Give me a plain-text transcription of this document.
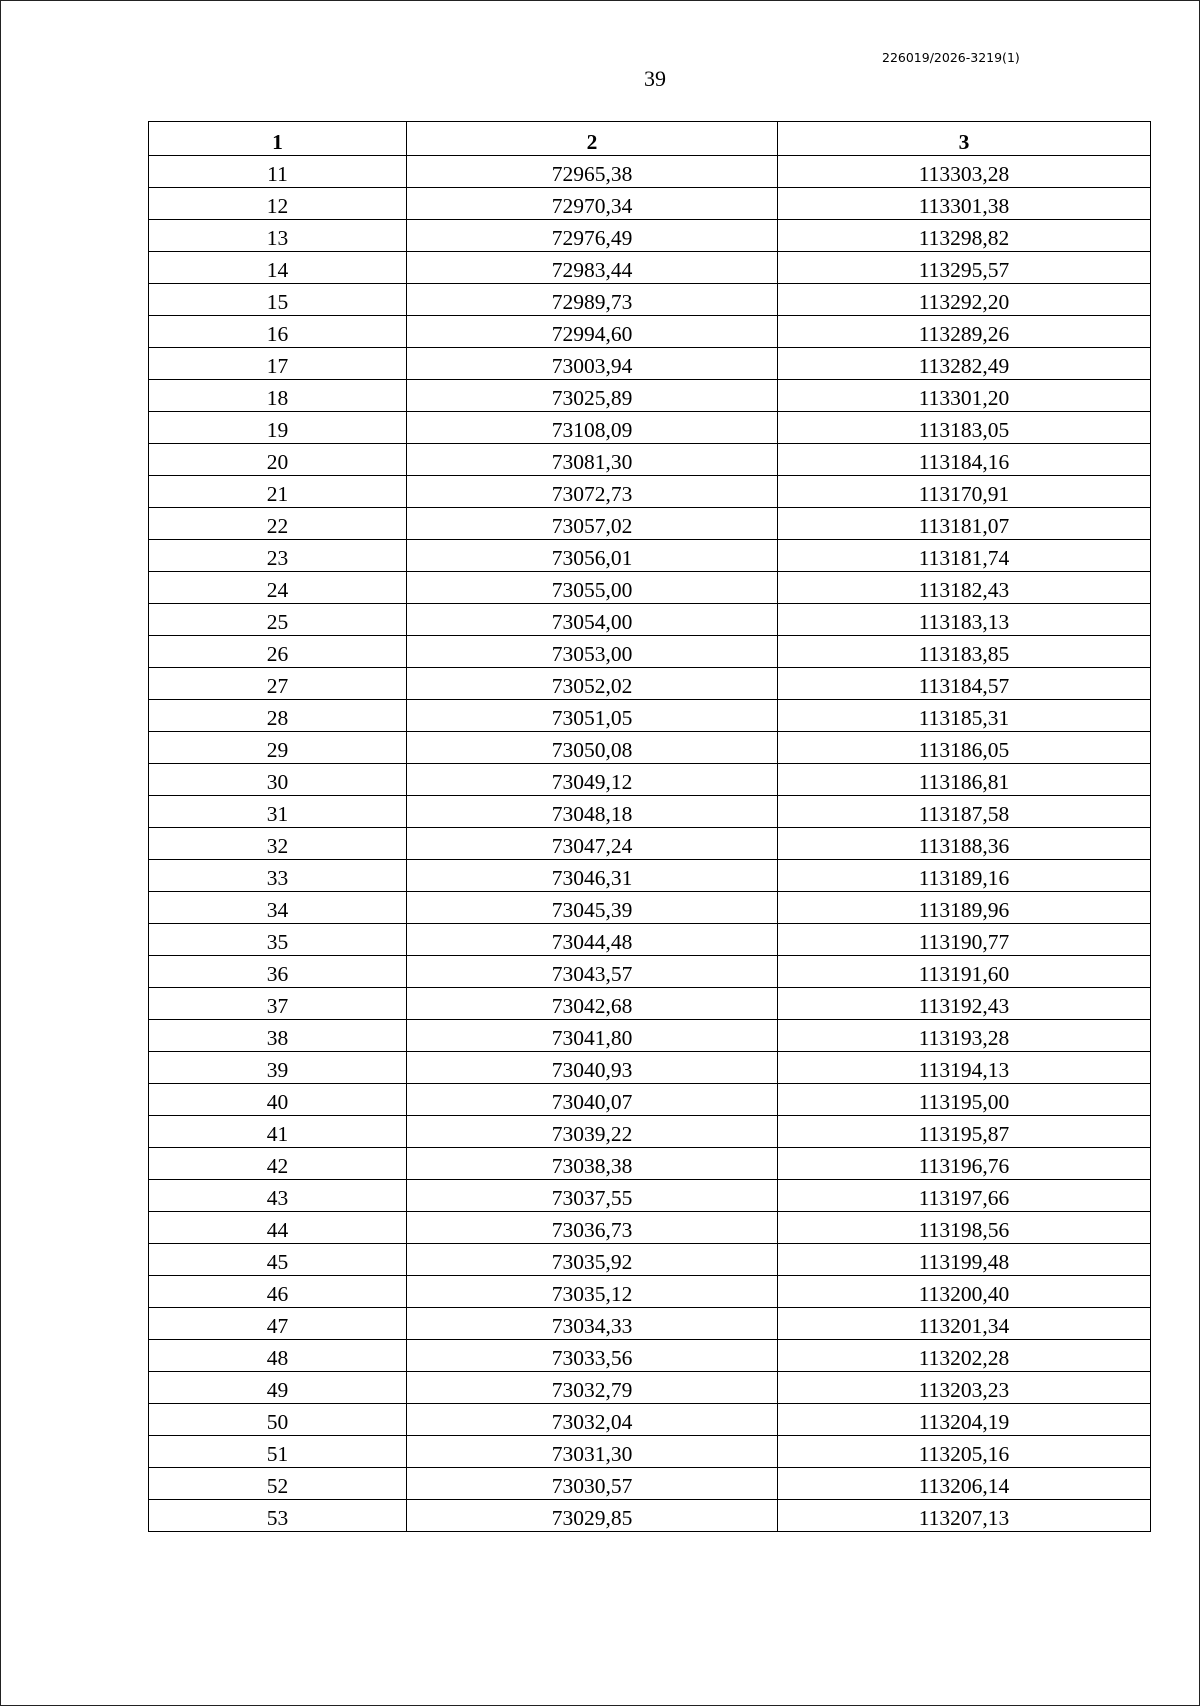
39
226019/2026-3219(1)
1	2	3
11	72965,38	113303,28
12	72970,34	113301,38
13	72976,49	113298,82
14	72983,44	113295,57
15	72989,73	113292,20
16	72994,60	113289,26
17	73003,94	113282,49
18	73025,89	113301,20
19	73108,09	113183,05
20	73081,30	113184,16
21	73072,73	113170,91
22	73057,02	113181,07
23	73056,01	113181,74
24	73055,00	113182,43
25	73054,00	113183,13
26	73053,00	113183,85
27	73052,02	113184,57
28	73051,05	113185,31
29	73050,08	113186,05
30	73049,12	113186,81
31	73048,18	113187,58
32	73047,24	113188,36
33	73046,31	113189,16
34	73045,39	113189,96
35	73044,48	113190,77
36	73043,57	113191,60
37	73042,68	113192,43
38	73041,80	113193,28
39	73040,93	113194,13
40	73040,07	113195,00
41	73039,22	113195,87
42	73038,38	113196,76
43	73037,55	113197,66
44	73036,73	113198,56
45	73035,92	113199,48
46	73035,12	113200,40
47	73034,33	113201,34
48	73033,56	113202,28
49	73032,79	113203,23
50	73032,04	113204,19
51	73031,30	113205,16
52	73030,57	113206,14
53	73029,85	113207,13
